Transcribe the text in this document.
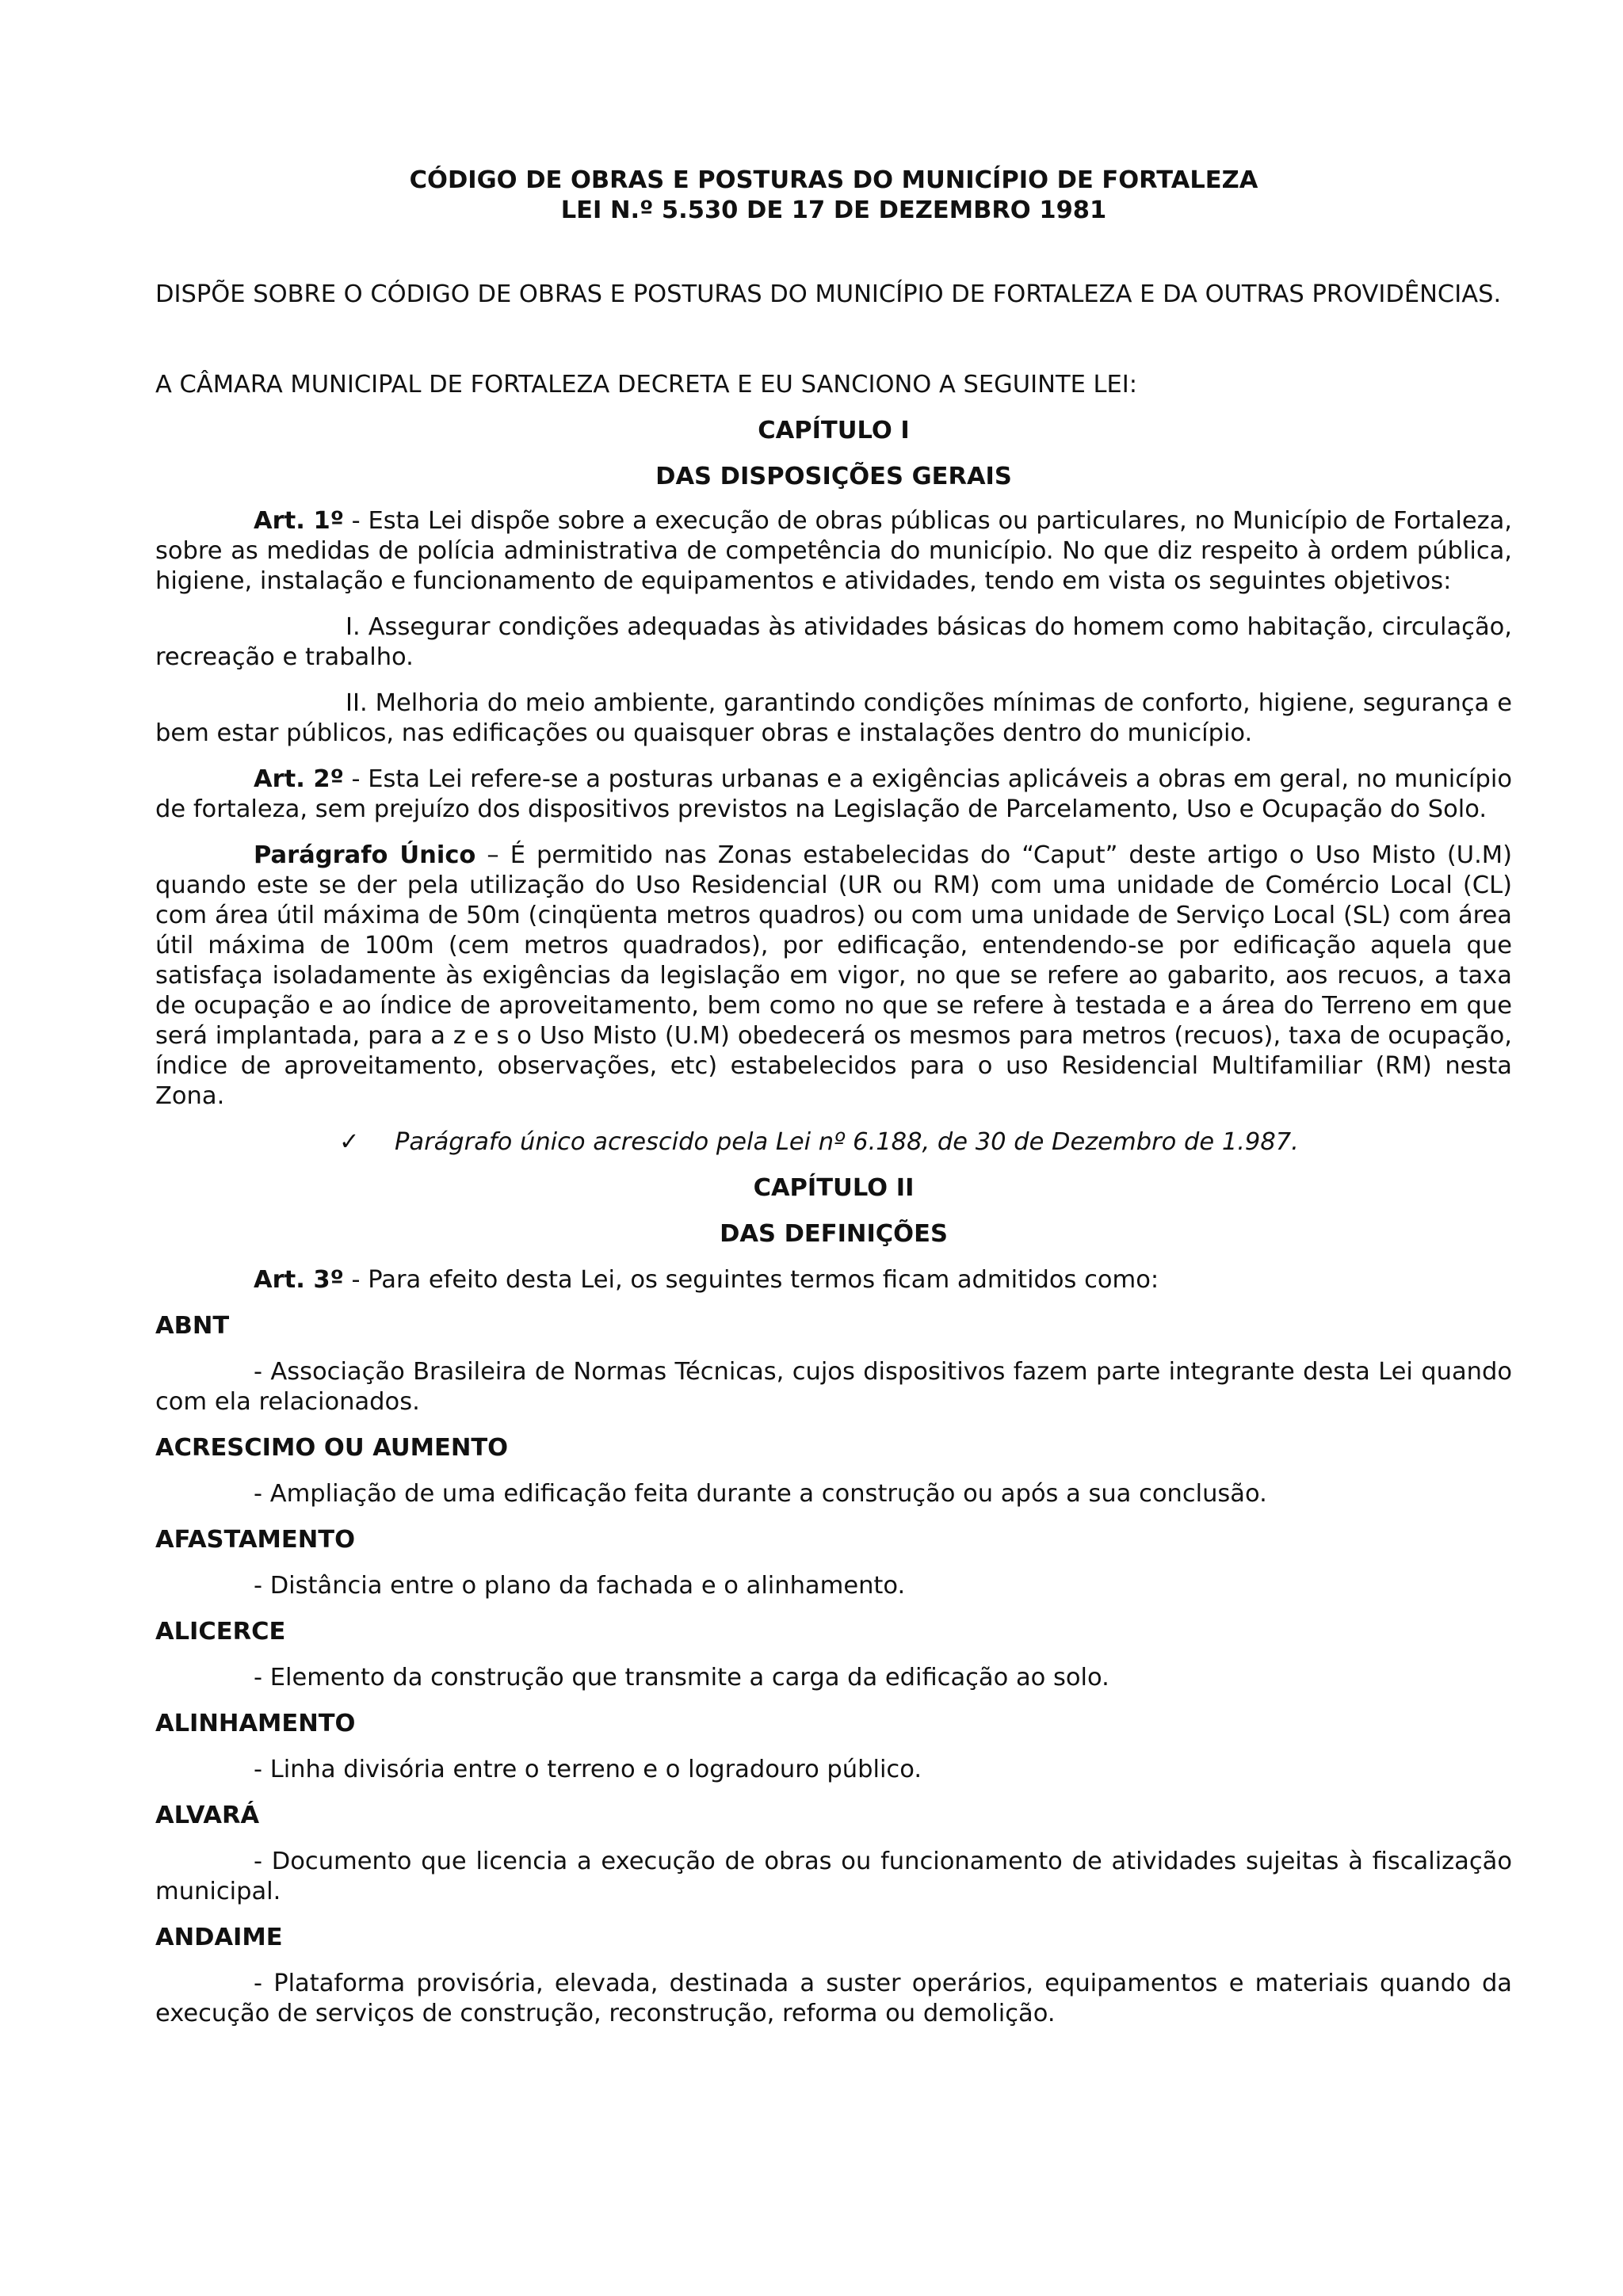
CÓDIGO DE OBRAS E POSTURAS DO MUNICÍPIO DE FORTALEZA

LEI N.º 5.530 DE 17 DE DEZEMBRO 1981

DISPÕE SOBRE O CÓDIGO DE OBRAS E POSTURAS DO MUNICÍPIO DE FORTALEZA E DA OUTRAS PROVIDÊNCIAS.

A CÂMARA MUNICIPAL DE FORTALEZA DECRETA E EU SANCIONO A SEGUINTE LEI:

CAPÍTULO I

DAS DISPOSIÇÕES GERAIS

Art. 1º - Esta Lei dispõe sobre a execução de obras públicas ou particulares, no Município de Fortaleza, sobre as medidas de polícia administrativa de competência do município. No que diz respeito à ordem pública, higiene, instalação e funcionamento de equipamentos e atividades, tendo em vista os seguintes objetivos:

I. Assegurar condições adequadas às atividades básicas do homem como habitação, circulação, recreação e trabalho.

II. Melhoria do meio ambiente, garantindo condições mínimas de conforto, higiene, segurança e bem estar públicos, nas edificações ou quaisquer obras e instalações dentro do município.

Art. 2º - Esta Lei refere-se a posturas urbanas e a exigências aplicáveis a obras em geral, no município de fortaleza, sem prejuízo dos dispositivos previstos na Legislação de Parcelamento, Uso e Ocupação do Solo.

Parágrafo Único – É permitido nas Zonas estabelecidas do “Caput” deste artigo o Uso Misto (U.M) quando este se der pela utilização do Uso Residencial (UR ou RM) com uma unidade de Comércio Local (CL) com área útil máxima de 50m (cinqüenta metros quadros) ou com uma unidade de Serviço Local (SL) com área útil máxima de 100m (cem metros quadrados), por edificação, entendendo-se por edificação aquela que satisfaça isoladamente às exigências da legislação em vigor, no que se refere ao gabarito, aos recuos, a taxa de ocupação e ao índice de aproveitamento, bem como no que se refere à testada e a área do Terreno em que será implantada, para a z e s o Uso Misto (U.M) obedecerá os mesmos para metros (recuos), taxa de ocupação, índice de aproveitamento, observações, etc) estabelecidos para o uso Residencial Multifamiliar (RM) nesta Zona.

✓ Parágrafo único acrescido pela Lei nº 6.188, de 30 de Dezembro de 1.987.

CAPÍTULO II

DAS DEFINIÇÕES

Art. 3º - Para efeito desta Lei, os seguintes termos ficam admitidos como:

ABNT

- Associação Brasileira de Normas Técnicas, cujos dispositivos fazem parte integrante desta Lei quando com ela relacionados.

ACRESCIMO OU AUMENTO

- Ampliação de uma edificação feita durante a construção ou após a sua conclusão.

AFASTAMENTO

- Distância entre o plano da fachada e o alinhamento.

ALICERCE

- Elemento da construção que transmite a carga da edificação ao solo.

ALINHAMENTO

- Linha divisória entre o terreno e o logradouro público.

ALVARÁ

- Documento que licencia a execução de obras ou funcionamento de atividades sujeitas à fiscalização municipal.

ANDAIME

- Plataforma provisória, elevada, destinada a suster operários, equipamentos e materiais quando da execução de serviços de construção, reconstrução, reforma ou demolição.
